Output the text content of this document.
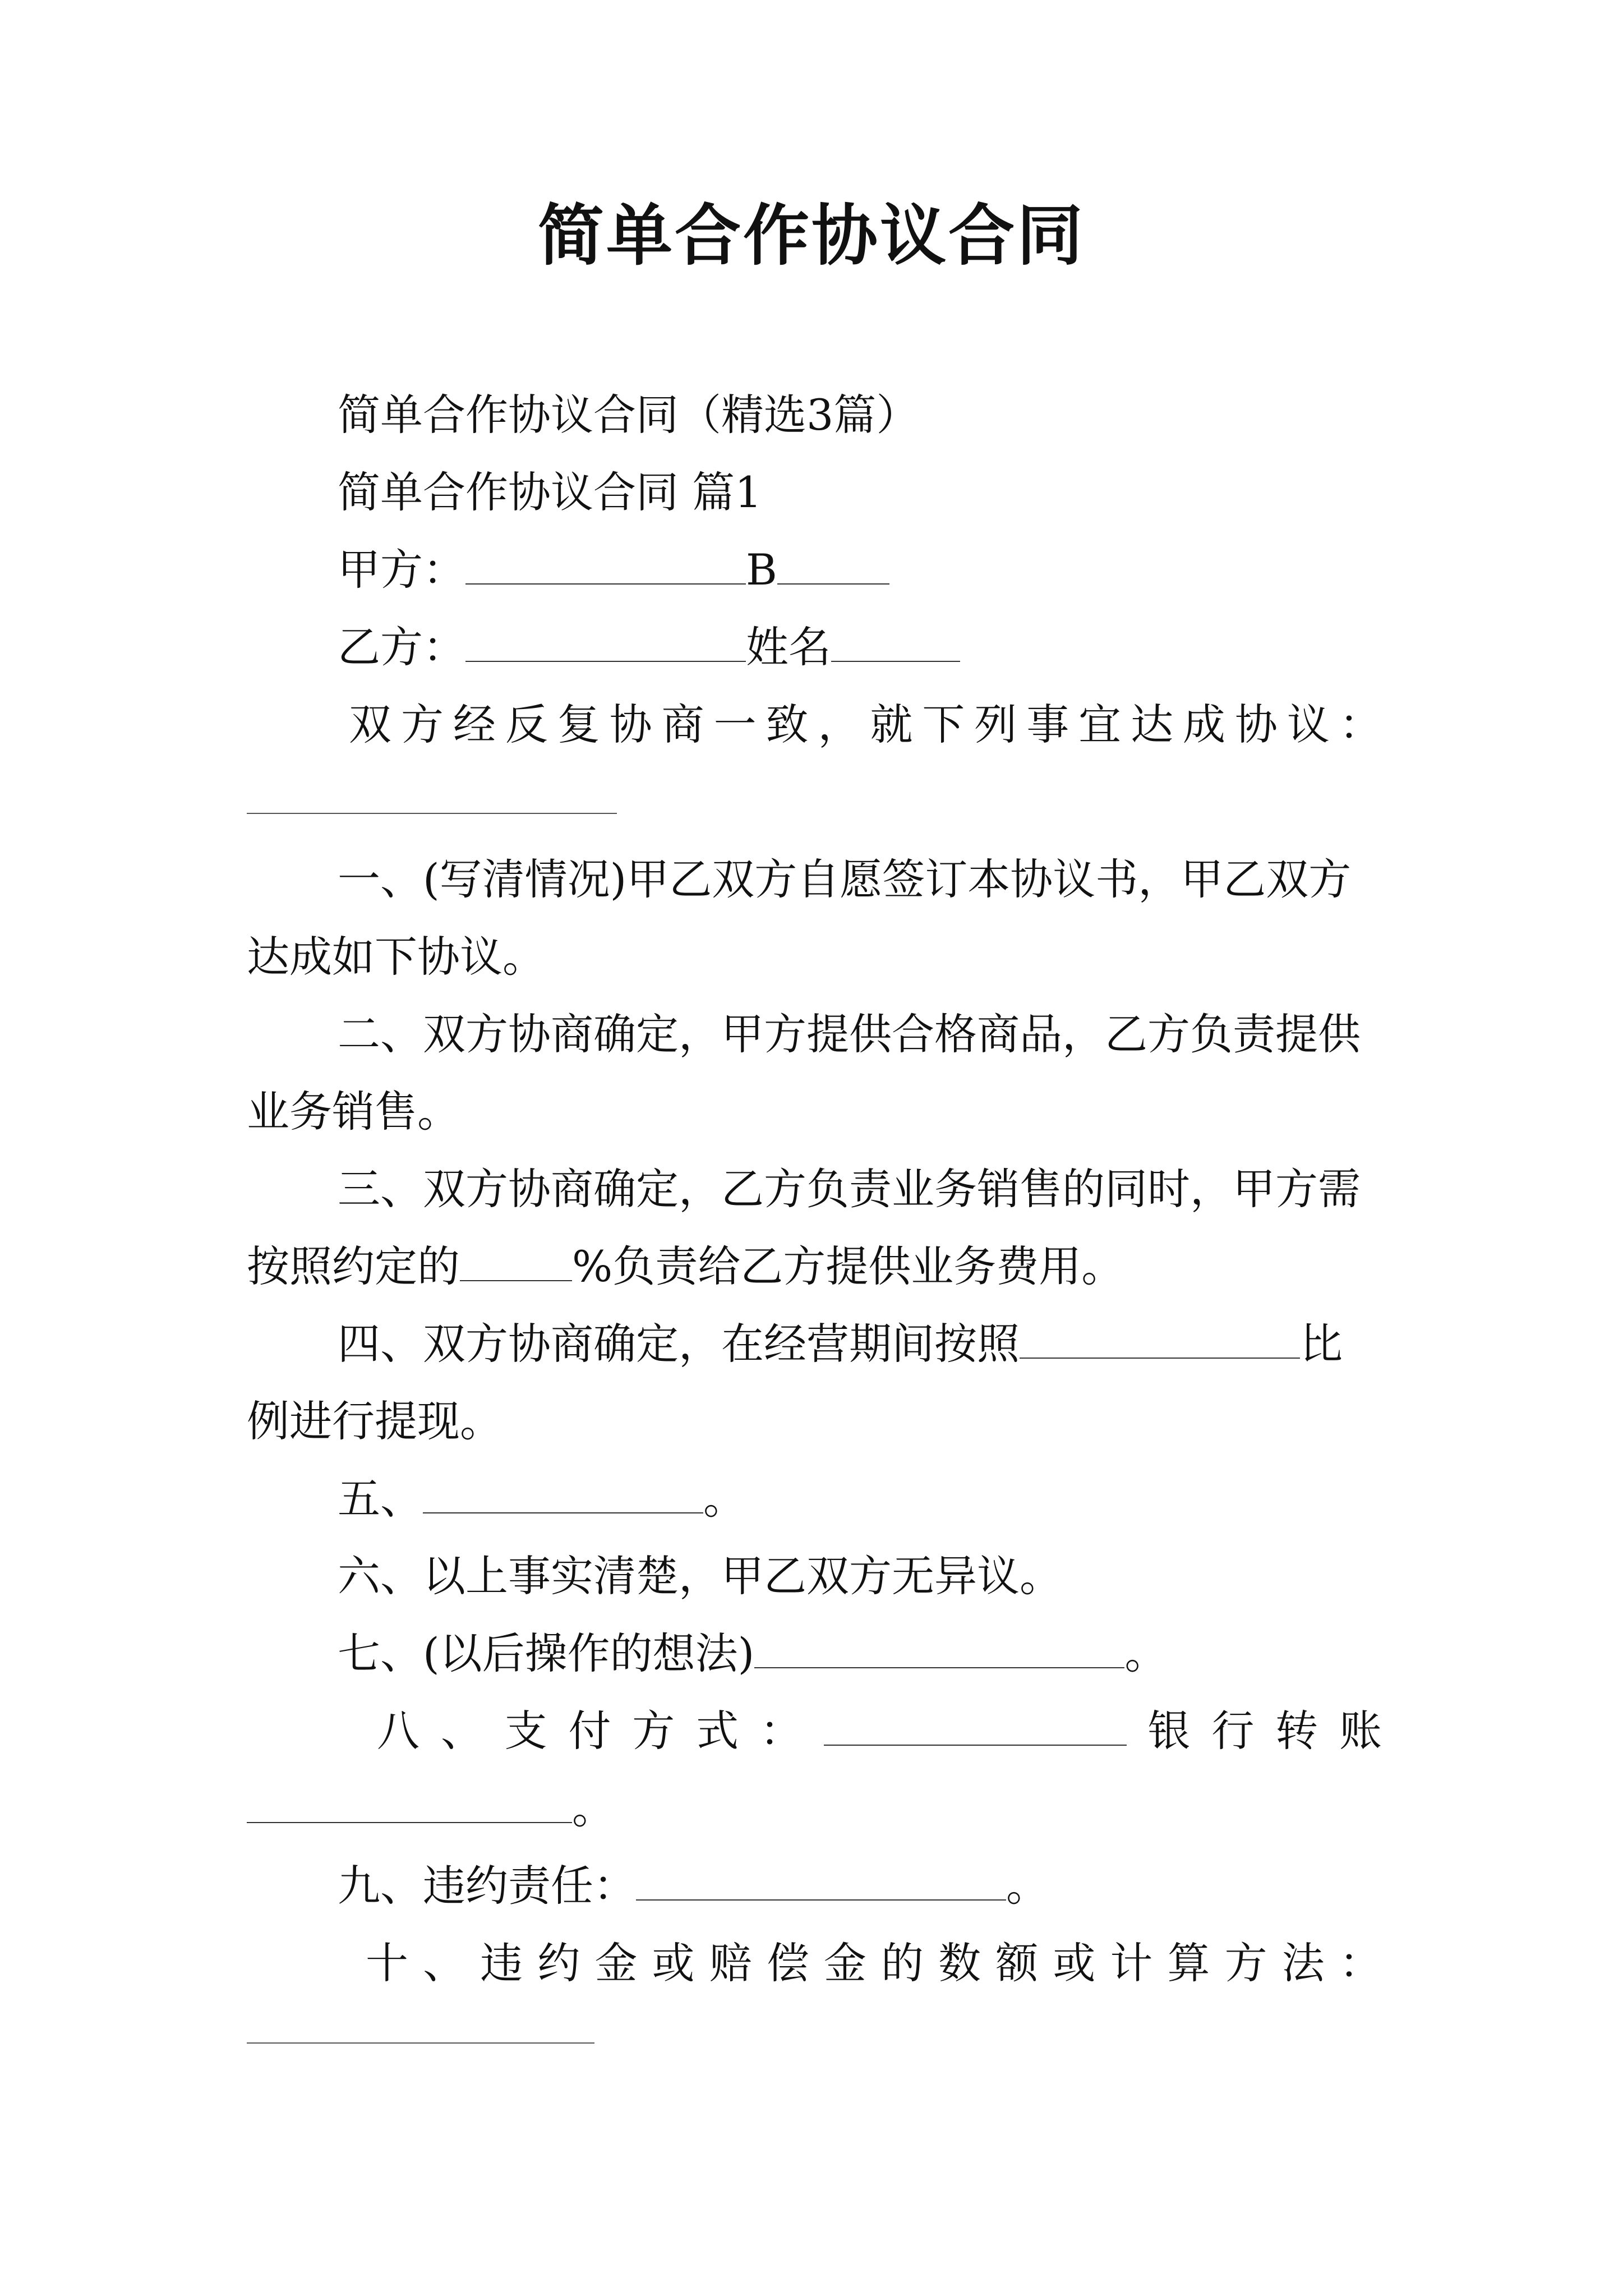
简单合作协议合同
简单合作协议合同（精选3篇）
简单合作协议合同 篇1
甲方：	B
乙方：	姓名
双 方 经 反 复 协 商 一 致 ， 就 下 列 事 宜 达 成 协 议 ：
一、(写清情况)甲乙双方自愿签订本协议书，甲乙双方
达成如下协议。
二、双方协商确定，甲方提供合格商品，乙方负责提供
业务销售。
三、双方协商确定，乙方负责业务销售的同时，甲方需
按照约定的	%负责给乙方提供业务费用。
四、双方协商确定，在经营期间按照	比
例进行提现。
五、	。
六、以上事实清楚，甲乙双方无异议。
七、(以后操作的想法)	。
八 、 支 付 方 式 ：	银 行 转 账
。
九、违约责任：	。
十 、 违 约 金 或 赔 偿 金 的 数 额 或 计 算 方 法 ：
